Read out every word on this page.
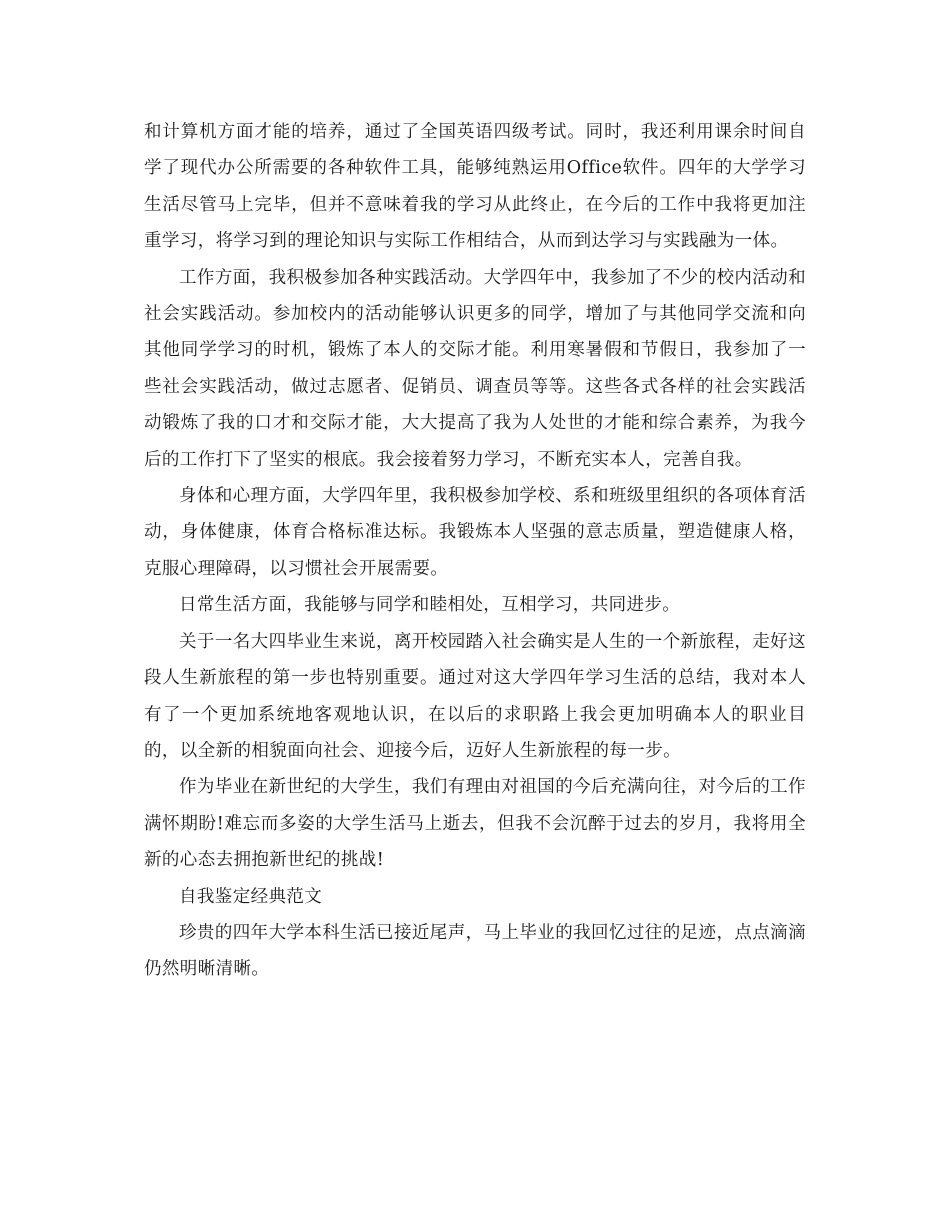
和计算机方面才能的培养，通过了全国英语四级考试。同时，我还利用课余时间自学了现代办公所需要的各种软件工具，能够纯熟运用Office软件。四年的大学学习生活尽管马上完毕，但并不意味着我的学习从此终止，在今后的工作中我将更加注重学习，将学习到的理论知识与实际工作相结合，从而到达学习与实践融为一体。

工作方面，我积极参加各种实践活动。大学四年中，我参加了不少的校内活动和社会实践活动。参加校内的活动能够认识更多的同学，增加了与其他同学交流和向其他同学学习的时机，锻炼了本人的交际才能。利用寒暑假和节假日，我参加了一些社会实践活动，做过志愿者、促销员、调查员等等。这些各式各样的社会实践活动锻炼了我的口才和交际才能，大大提高了我为人处世的才能和综合素养，为我今后的工作打下了坚实的根底。我会接着努力学习，不断充实本人，完善自我。

身体和心理方面，大学四年里，我积极参加学校、系和班级里组织的各项体育活动，身体健康，体育合格标准达标。我锻炼本人坚强的意志质量，塑造健康人格，克服心理障碍，以习惯社会开展需要。

日常生活方面，我能够与同学和睦相处，互相学习，共同进步。

关于一名大四毕业生来说，离开校园踏入社会确实是人生的一个新旅程，走好这段人生新旅程的第一步也特别重要。通过对这大学四年学习生活的总结，我对本人有了一个更加系统地客观地认识，在以后的求职路上我会更加明确本人的职业目的，以全新的相貌面向社会、迎接今后，迈好人生新旅程的每一步。

作为毕业在新世纪的大学生，我们有理由对祖国的今后充满向往，对今后的工作满怀期盼!难忘而多姿的大学生活马上逝去，但我不会沉醉于过去的岁月，我将用全新的心态去拥抱新世纪的挑战!

自我鉴定经典范文

珍贵的四年大学本科生活已接近尾声，马上毕业的我回忆过往的足迹，点点滴滴仍然明晰清晰。
